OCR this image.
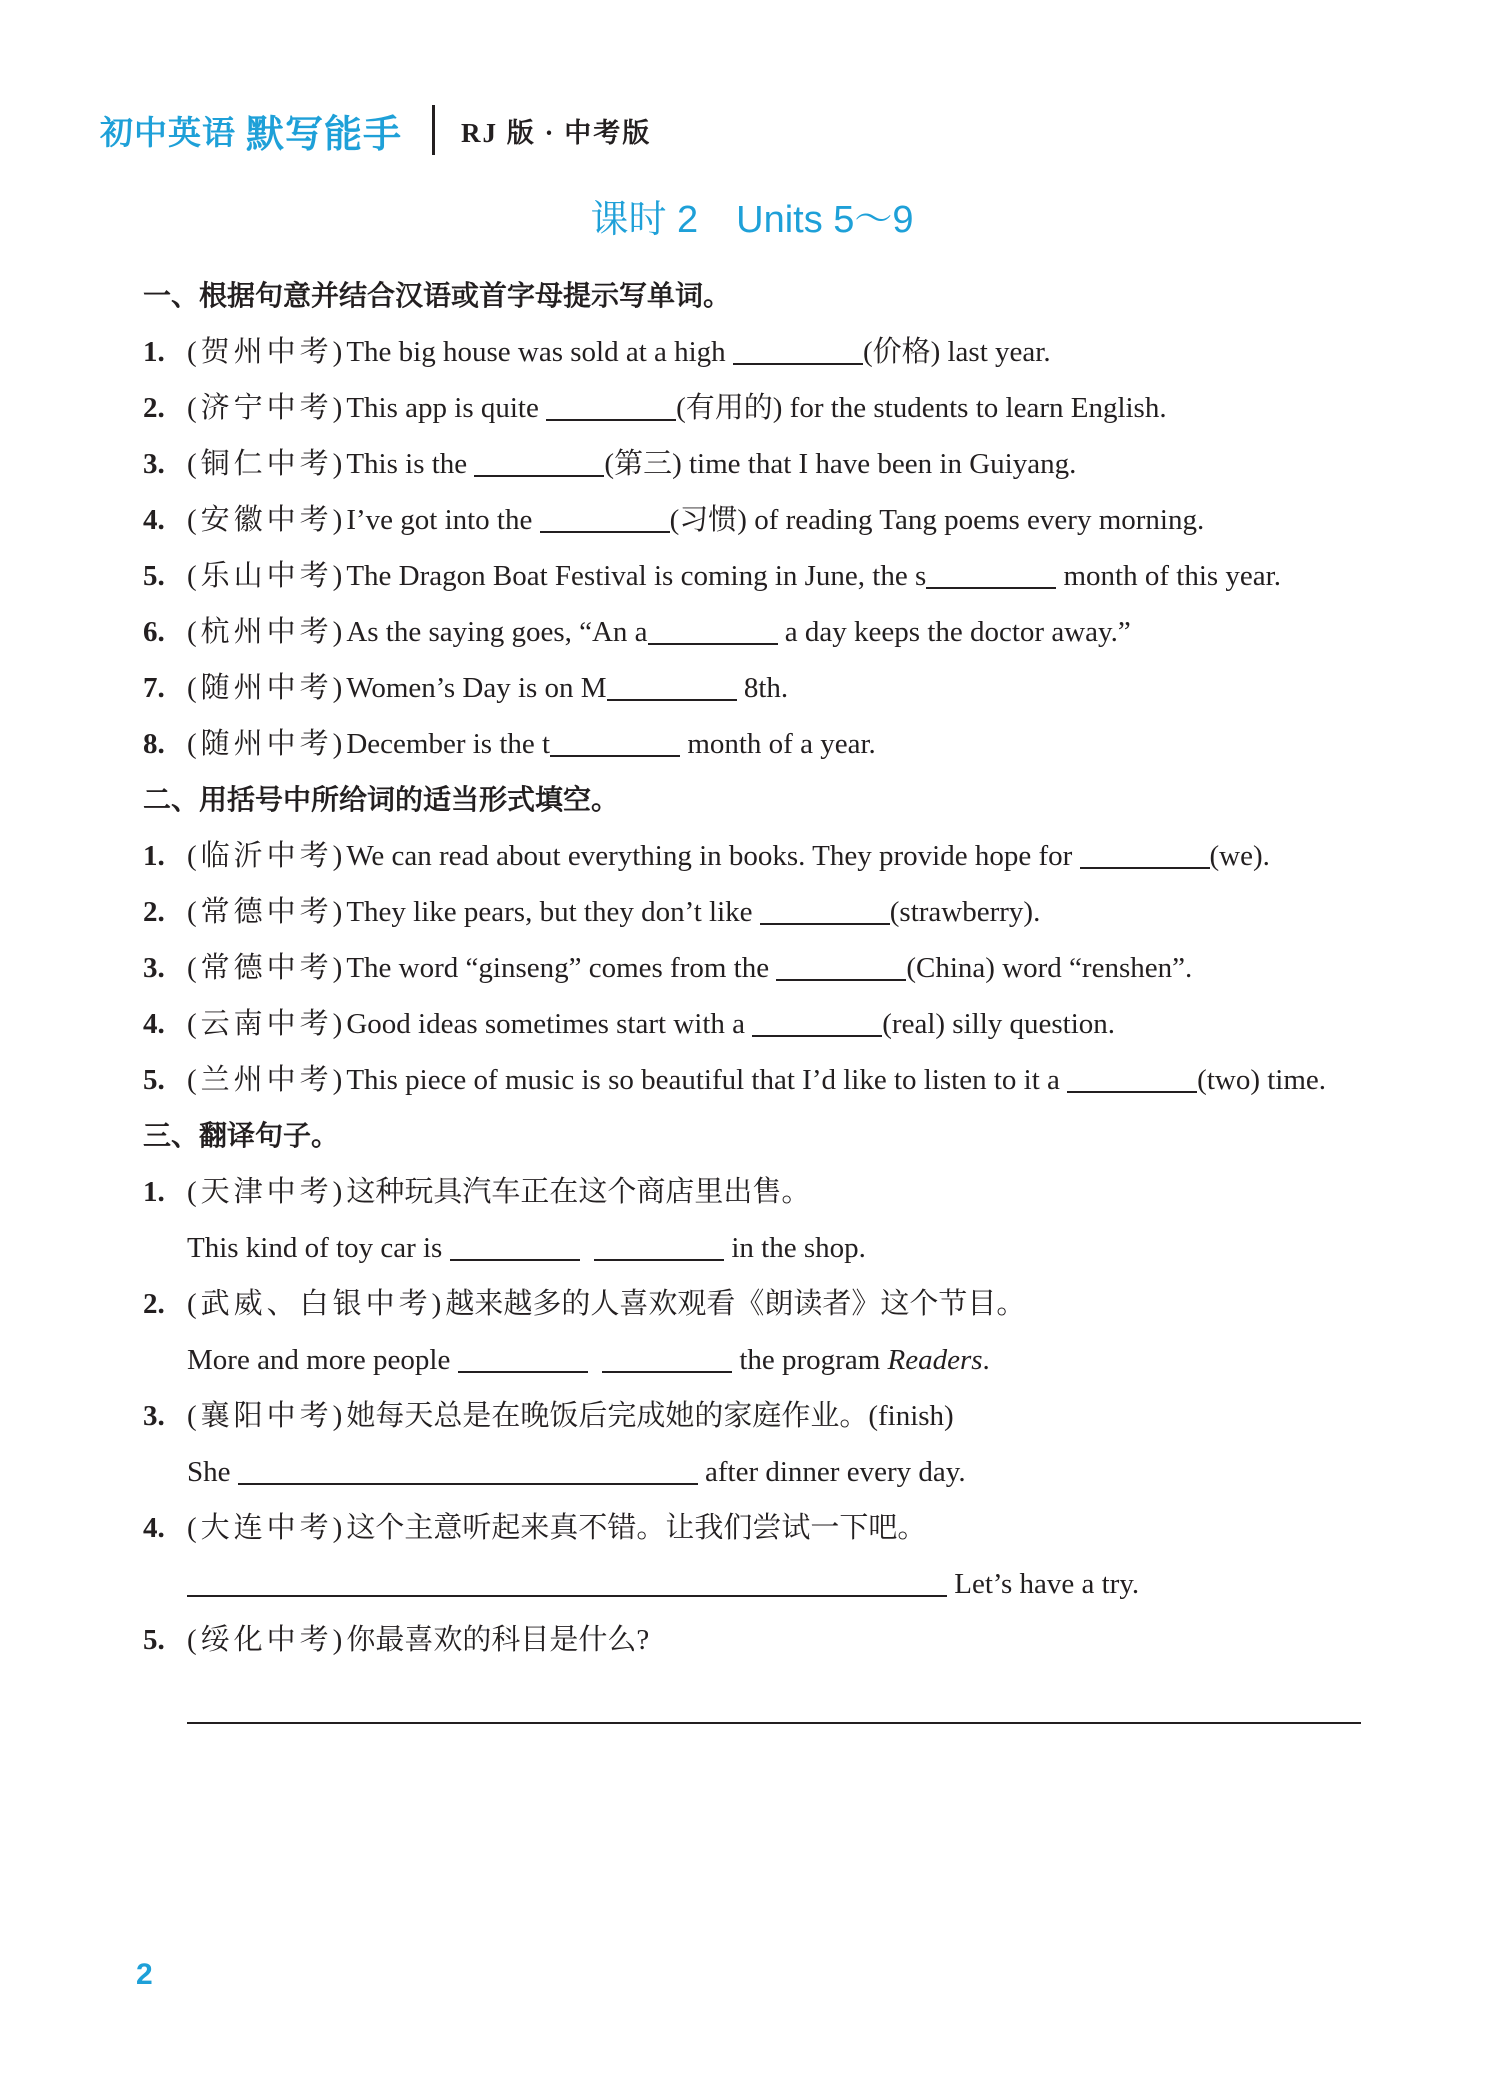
初中英语 默写能手 RJ 版 · 中考版
课时 2　Units 5～9
一、根据句意并结合汉语或首字母提示写单词。
1. (贺州中考)The big house was sold at a high	(价格) last year.
2. (济宁中考)This app is quite	(有用的) for the students to learn English.
3. (铜仁中考)This is the	(第三) time that I have been in Guiyang.
4. (安徽中考)I’ve got into the	(习惯) of reading Tang poems every morning.
5. (乐山中考)The Dragon Boat Festival is coming in June, the s	month of this year.
6. (杭州中考)As the saying goes, “An a	a day keeps the doctor away.”
7. (随州中考)Women’s Day is on M	8th.
8. (随州中考)December is the t	month of a year.
二、用括号中所给词的适当形式填空。
1. (临沂中考)We can read about everything in books. They provide hope for	(we).
2. (常德中考)They like pears, but they don’t like	(strawberry).
3. (常德中考)The word “ginseng” comes from the	(China) word “renshen”.
4. (云南中考)Good ideas sometimes start with a	(real) silly question.
5. (兰州中考)This piece of music is so beautiful that I’d like to listen to it a	(two) time.
三、翻译句子。
1. (天津中考)这种玩具汽车正在这个商店里出售。
This kind of toy car is	in the shop.
2. (武威、白银中考)越来越多的人喜欢观看《朗读者》这个节目。
More and more people	the program Readers.
3. (襄阳中考)她每天总是在晚饭后完成她的家庭作业。(finish)
She	after dinner every day.
4. (大连中考)这个主意听起来真不错。让我们尝试一下吧。
Let’s have a try.
5. (绥化中考)你最喜欢的科目是什么?
2
